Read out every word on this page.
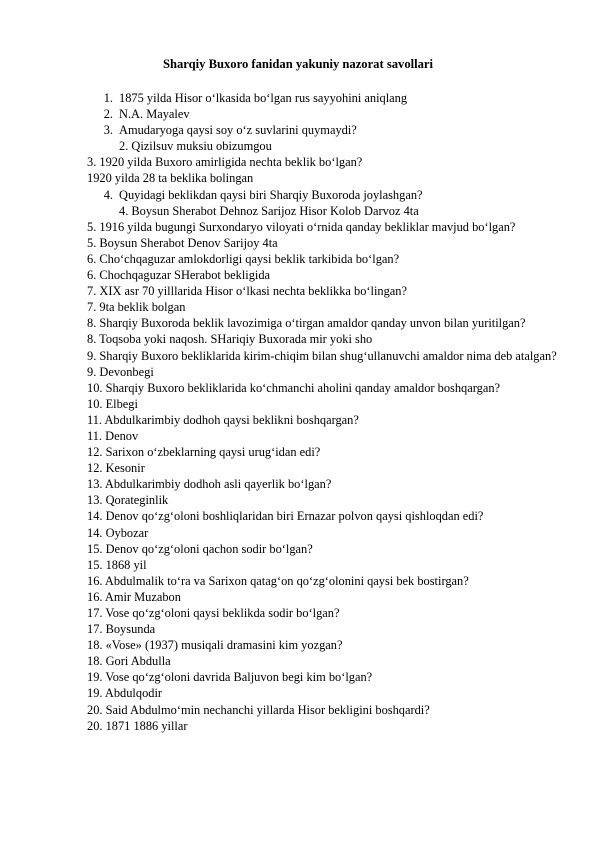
Sharqiy Buxoro fanidan yakuniy nazorat savollari
1. 1875 yilda Hisor o‘lkasida bo‘lgan rus sayyohini aniqlang
2. N.A. Mayalev
3. Amudaryoga qaysi soy o‘z suvlarini quymaydi?
2. Qizilsuv muksiu obizumgou
3. 1920 yilda Buxoro amirligida nechta beklik bo‘lgan?
1920 yilda 28 ta beklika bolingan
4. Quyidagi beklikdan qaysi biri Sharqiy Buxoroda joylashgan?
4. Boysun Sherabot Dehnoz Sarijoz Hisor Kolob Darvoz 4ta
5. 1916 yilda bugungi Surxondaryo viloyati o‘rnida qanday bekliklar mavjud bo‘lgan?
5. Boysun Sherabot Denov Sarijoy 4ta
6. Cho‘chqaguzar amlokdorligi qaysi beklik tarkibida bo‘lgan?
6. Chochqaguzar SHerabot bekligida
7. XIX asr 70 yilllarida Hisor o‘lkasi nechta beklikka bo‘lingan?
7. 9ta beklik bolgan
8. Sharqiy Buxoroda beklik lavozimiga o‘tirgan amaldor qanday unvon bilan yuritilgan?
8. Toqsoba yoki naqosh. SHariqiy Buxorada mir yoki sho
9. Sharqiy Buxoro bekliklarida kirim-chiqim bilan shug‘ullanuvchi amaldor nima deb atalgan?
9. Devonbegi
10. Sharqiy Buxoro bekliklarida ko‘chmanchi aholini qanday amaldor boshqargan?
10. Elbegi
11. Abdulkarimbiy dodhoh qaysi beklikni boshqargan?
11. Denov
12. Sarixon o‘zbeklarning qaysi urug‘idan edi?
12. Kesonir
13. Abdulkarimbiy dodhoh asli qayerlik bo‘lgan?
13. Qorateginlik
14. Denov qo‘zg‘oloni boshliqlaridan biri Ernazar polvon qaysi qishloqdan edi?
14. Oybozar
15. Denov qo‘zg‘oloni qachon sodir bo‘lgan?
15. 1868 yil
16. Abdulmalik to‘ra va Sarixon qatag‘on qo‘zg‘olonini qaysi bek bostirgan?
16. Amir Muzabon
17. Vose qo‘zg‘oloni qaysi beklikda sodir bo‘lgan?
17. Boysunda
18. «Vose» (1937) musiqali dramasini kim yozgan?
18. Gori Abdulla
19. Vose qo‘zg‘oloni davrida Baljuvon begi kim bo‘lgan?
19. Abdulqodir
20. Said Abdulmo‘min nechanchi yillarda Hisor bekligini boshqardi?
20. 1871 1886 yillar
